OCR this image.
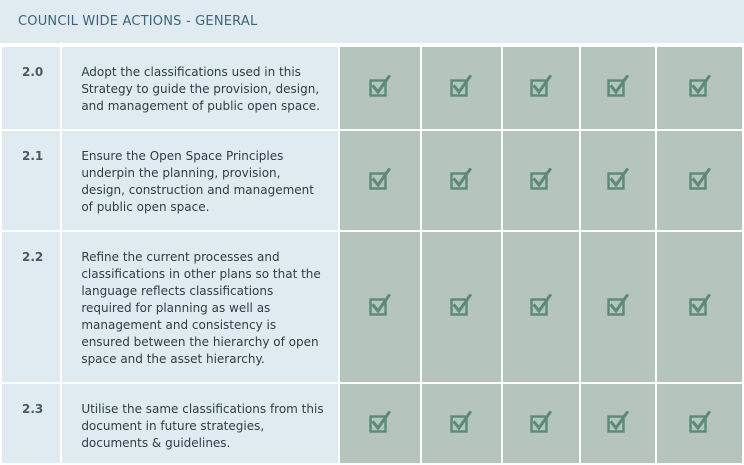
COUNCIL WIDE ACTIONS - GENERAL
2.0	Adopt the classifications used in this Strategy to guide the provision, design, and management of public open space.	

2.1	Ensure the Open Space Principles underpin the planning, provision, design, construction and management of public open space.	

2.2	Refine the current processes and classifications in other plans so that the language reflects classifications required for planning as well as management and consistency is ensured between the hierarchy of open space and the asset hierarchy.	

2.3	Utilise the same classifications from this document in future strategies, documents & guidelines.	
